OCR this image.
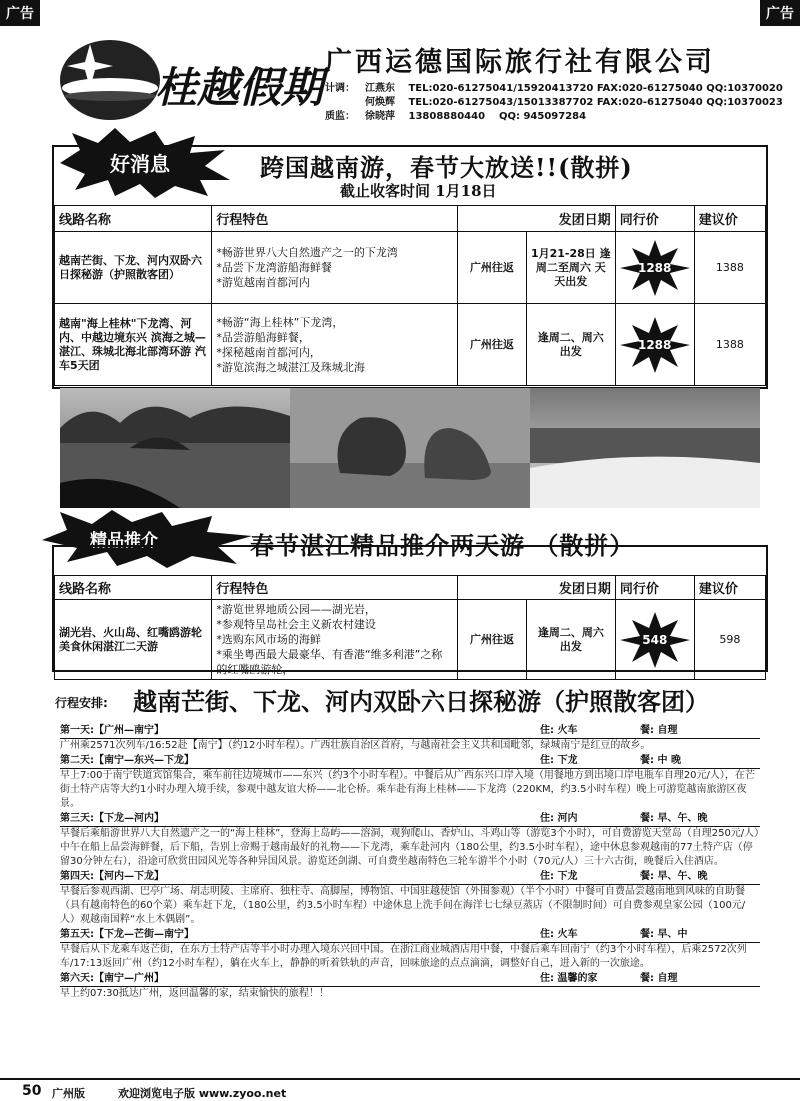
广告	广告
桂越假期
广西运德国际旅行社有限公司
计调： 江燕东 TEL:020-61275041/15920413720 FAX:020-61275040 QQ:10370020
何焕辉 TEL:020-61275043/15013387702 FAX:020-61275040 QQ:10370023
质监： 徐晓萍 13808880440 QQ: 945097284
好消息	跨国越南游，春节大放送!!(散拼)
截止收客时间 1月18日
线路名称	行程特色	发团日期		同行价	建议价
越南芒街、下龙、河内双卧六日探秘游（护照散客团）	*畅游世界八大自然遗产之一的下龙湾
*品尝下龙湾游船海鲜餐
*游览越南首都河内	广州往返	1月21-28日 逢周二至周六 天天出发	1288	1388
越南"海上桂林"下龙湾、河内、中越边境东兴 滨海之城—湛江、珠城北海北部湾环游 汽车5天团	*畅游“海上桂林”下龙湾，
*品尝游船海鲜餐，
*探秘越南首都河内，
*游览滨海之城湛江及珠城北海	广州往返	逢周二、周六 出发	1288	1388
精品推介	春节湛江精品推介两天游 （散拼）
线路名称	行程特色	发团日期		同行价	建议价
湖光岩、火山岛、红嘴鸥游轮美食休闲湛江二天游	*游览世界地质公园——湖光岩，
*参观特呈岛社会主义新农村建设
*选购东风市场的海鲜
*乘坐粤西最大最豪华、有香港“维多利港”之称的红嘴鸥游轮，	广州往返	逢周二、周六 出发	548	598
行程安排: 越南芒街、下龙、河内双卧六日探秘游（护照散客团）
第一天:【广州—南宁】	住: 火车	餐: 自理
广州乘2571次列车/16:52赴【南宁】（约12小时车程）。广西壮族自治区首府，与越南社会主义共和国毗邻，绿城南宁是红豆的故乡。
第二天:【南宁—东兴—下龙】	住: 下龙	餐: 中 晚
早上7:00于南宁铁道宾馆集合，乘车前往边境城市——东兴（约3个小时车程）。中餐后从广西东兴口岸入境（用餐地方到出境口岸电瓶车自理20元/人），在芒街土特产店等大约1小时办理入境手续，参观中越友谊大桥——北仑桥。乘车赴有海上桂林——下龙湾（220KM，约3.5小时车程）晚上可游览越南旅游区夜景。
第三天:【下龙—河内】	住: 河内	餐: 早、午、晚
早餐后乘船游世界八大自然遗产之一的“海上桂林”，登海上岛屿——溶洞，观狗爬山、香炉山、斗鸡山等（游览3个小时），可自费游览天堂岛（自理250元/人）中午在船上品尝海鲜餐，后下船，告别上帝赐于越南最好的礼物——下龙湾，乘车赴河内（180公里，约3.5小时车程），途中休息参观越南的77土特产店（停留30分钟左右），沿途可欣赏田园风光等各种异国风景。游览还剑湖、可自费坐越南特色三轮车游半个小时（70元/人）三十六古街，晚餐后入住酒店。
第四天:【河内—下龙】	住: 下龙	餐: 早、午、晚
早餐后参观西湖、巴亭广场、胡志明陵、主席府、独柱寺、高脚屋，博物馆、中国驻越使馆（外围参观）（半个小时）中餐可自费品尝越南地到风味的自助餐（具有越南特色的60个菜）乘车赶下龙，（180公里，约3.5小时车程）中途休息上洗手间在海洋七七绿豆蒸店（不限制时间）可自费参观皇家公园（100元/人）观越南国粹“水上木偶剧”。
第五天:【下龙—芒街—南宁】	住: 火车	餐: 早、中
早餐后从下龙乘车返芒街，在东方土特产店等半小时办理入境东兴回中国。在浙江商业城酒店用中餐，中餐后乘车回南宁（约3个小时车程），后乘2572次列车/17:13返回广州（约12小时车程），躺在火车上，静静的听着铁轨的声音，回味旅途的点点滴滴，调整好自己，进入新的一次旅途。
第六天:【南宁—广州】	住: 温馨的家	餐: 自理
早上约07:30抵达广州，返回温馨的家，结束愉快的旅程！！
50 广州版	欢迎浏览电子版 www.zyoo.net
